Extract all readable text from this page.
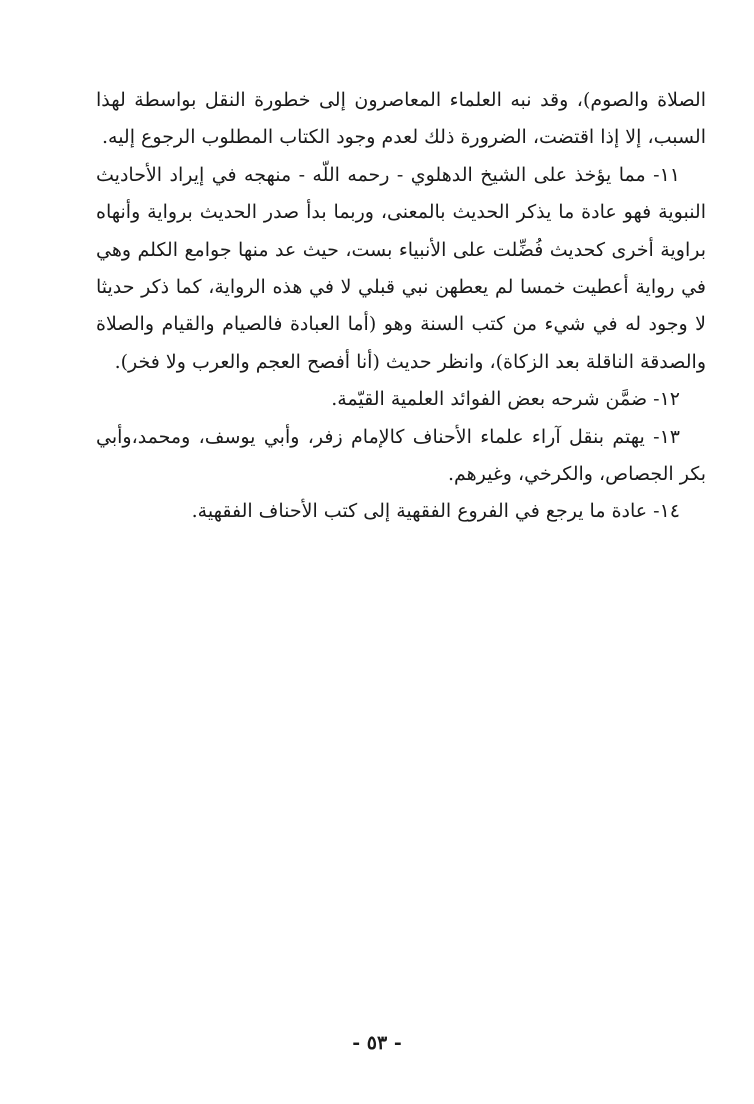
الصلاة والصوم)، وقد نبه العلماء المعاصرون إلى خطورة النقل بواسطة لهذا السبب، إلا إذا اقتضت، الضرورة ذلك لعدم وجود الكتاب المطلوب الرجوع إليه.

١١- مما يؤخذ على الشيخ الدهلوي - رحمه اللّه - منهجه في إيراد الأحاديث النبوية فهو عادة ما يذكر الحديث بالمعنى، وربما بدأ صدر الحديث برواية وأنهاه براوية أخرى كحديث فُضِّلت على الأنبياء بست، حيث عد منها جوامع الكلم وهي في رواية أعطيت خمسا لم يعطهن نبي قبلي لا في هذه الرواية، كما ذكر حديثا لا وجود له في شيء من كتب السنة وهو (أما العبادة فالصيام والقيام والصلاة والصدقة الناقلة بعد الزكاة)، وانظر حديث (أنا أفصح العجم والعرب ولا فخر).

١٢- ضمَّن شرحه بعض الفوائد العلمية القيّمة.

١٣- يهتم بنقل آراء علماء الأحناف كالإمام زفر، وأبي يوسف، ومحمد،وأبي بكر الجصاص، والكرخي، وغيرهم.

١٤- عادة ما يرجع في الفروع الفقهية إلى كتب الأحناف الفقهية.

- ٥٣ -
